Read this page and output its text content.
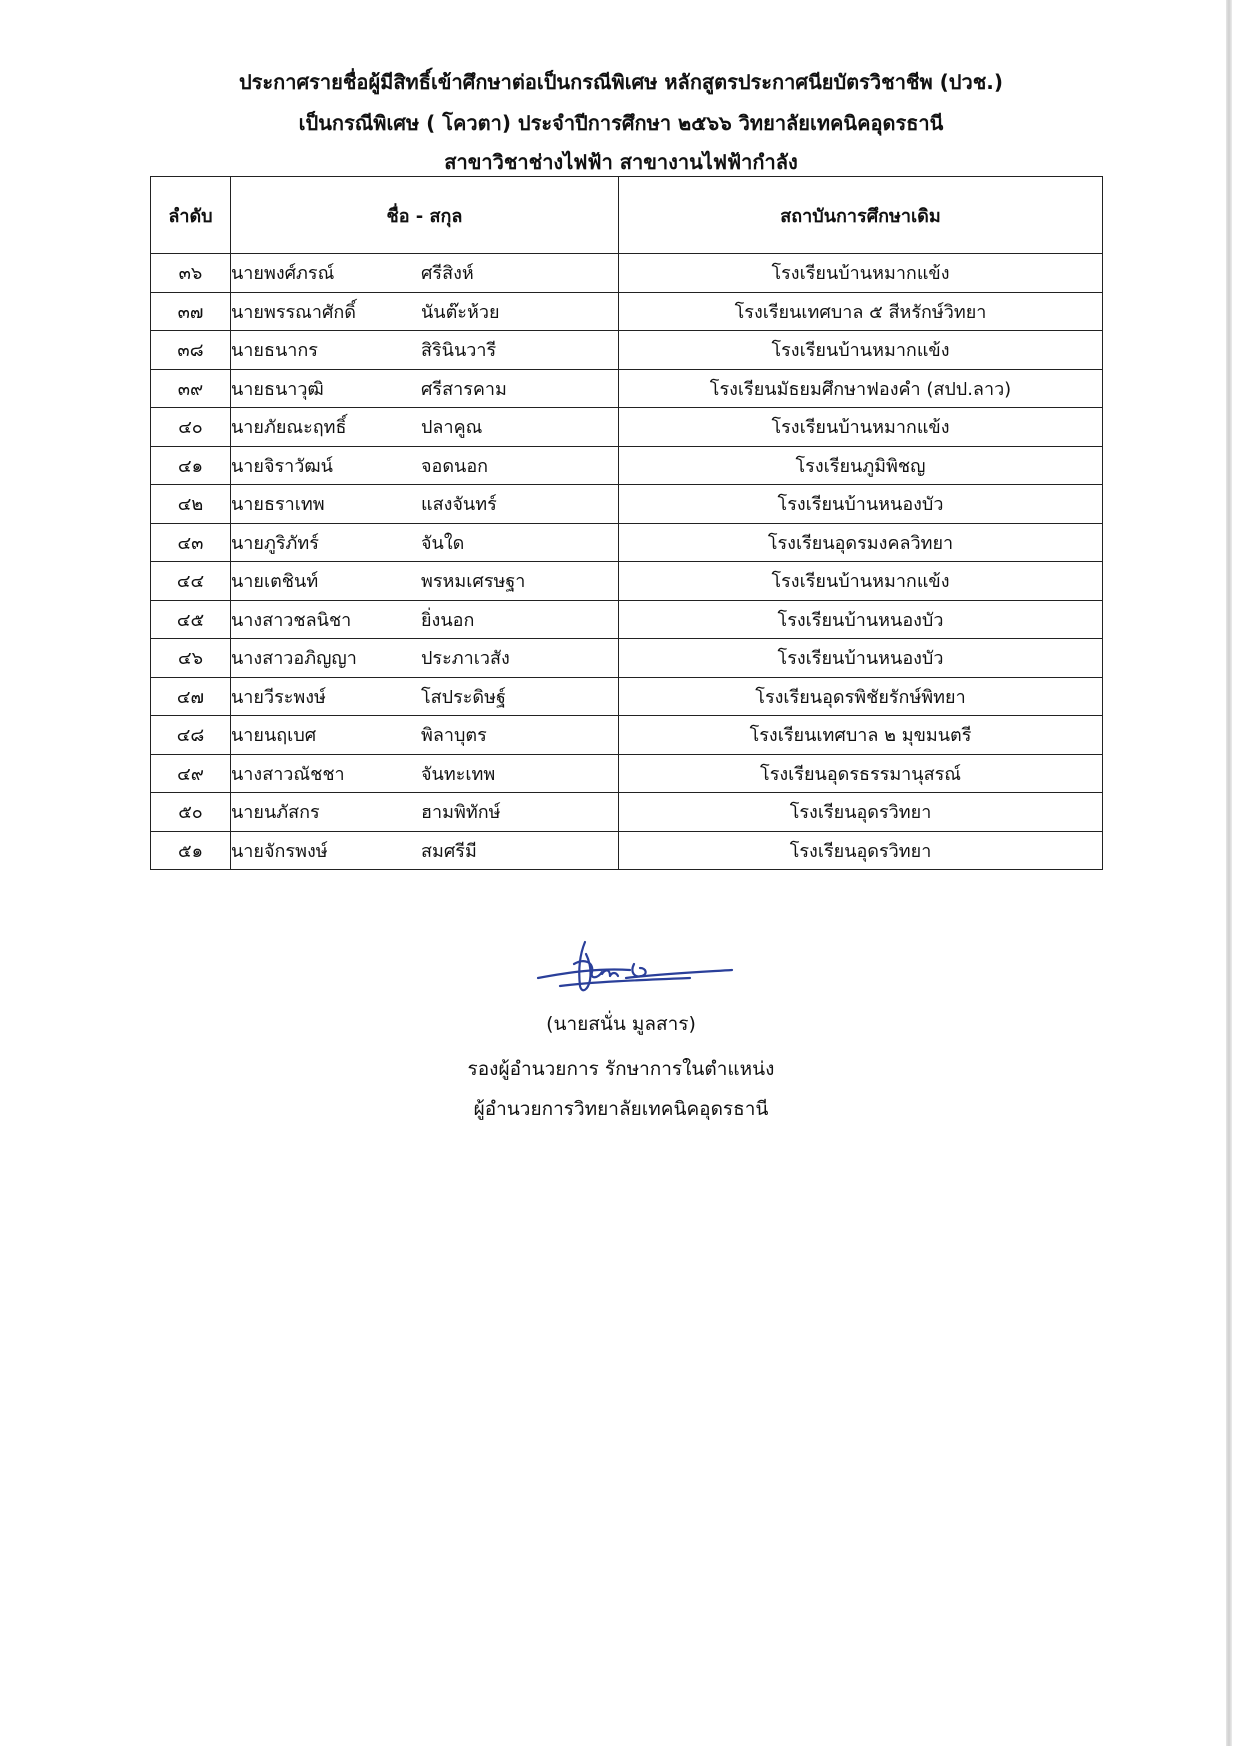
ประกาศรายชื่อผู้มีสิทธิ์เข้าศึกษาต่อเป็นกรณีพิเศษ หลักสูตรประกาศนียบัตรวิชาชีพ (ปวช.)
เป็นกรณีพิเศษ ( โควตา) ประจำปีการศึกษา ๒๕๖๖ วิทยาลัยเทคนิคอุดรธานี
สาขาวิชาช่างไฟฟ้า สาขางานไฟฟ้ากำลัง
ลำดับ	ชื่อ - สกุล	สถาบันการศึกษาเดิม
๓๖	นายพงศ์ภรณ์ ศรีสิงห์	โรงเรียนบ้านหมากแข้ง
๓๗	นายพรรณาศักดิ์ นันต๊ะห้วย	โรงเรียนเทศบาล ๕ สีหรักษ์วิทยา
๓๘	นายธนากร สิรินินวารี	โรงเรียนบ้านหมากแข้ง
๓๙	นายธนาวุฒิ ศรีสารคาม	โรงเรียนมัธยมศึกษาฟองคำ (สปป.ลาว)
๔๐	นายภัยณะฤทธิ์ ปลาคูณ	โรงเรียนบ้านหมากแข้ง
๔๑	นายจิราวัฒน์ จอดนอก	โรงเรียนภูมิพิชญ
๔๒	นายธราเทพ แสงจันทร์	โรงเรียนบ้านหนองบัว
๔๓	นายภูริภัทร์ จันใด	โรงเรียนอุดรมงคลวิทยา
๔๔	นายเตชินท์ พรหมเศรษฐา	โรงเรียนบ้านหมากแข้ง
๔๕	นางสาวชลนิชา ยิ่งนอก	โรงเรียนบ้านหนองบัว
๔๖	นางสาวอภิญญา ประภาเวสัง	โรงเรียนบ้านหนองบัว
๔๗	นายวีระพงษ์ โสประดิษฐ์	โรงเรียนอุดรพิชัยรักษ์พิทยา
๔๘	นายนฤเบศ พิลาบุตร	โรงเรียนเทศบาล ๒ มุขมนตรี
๔๙	นางสาวณัชชา จันทะเทพ	โรงเรียนอุดรธรรมานุสรณ์
๕๐	นายนภัสกร ฮามพิทักษ์	โรงเรียนอุดรวิทยา
๕๑	นายจักรพงษ์ สมศรีมี	โรงเรียนอุดรวิทยา
(นายสนั่น มูลสาร)
รองผู้อำนวยการ รักษาการในตำแหน่ง
ผู้อำนวยการวิทยาลัยเทคนิคอุดรธานี
